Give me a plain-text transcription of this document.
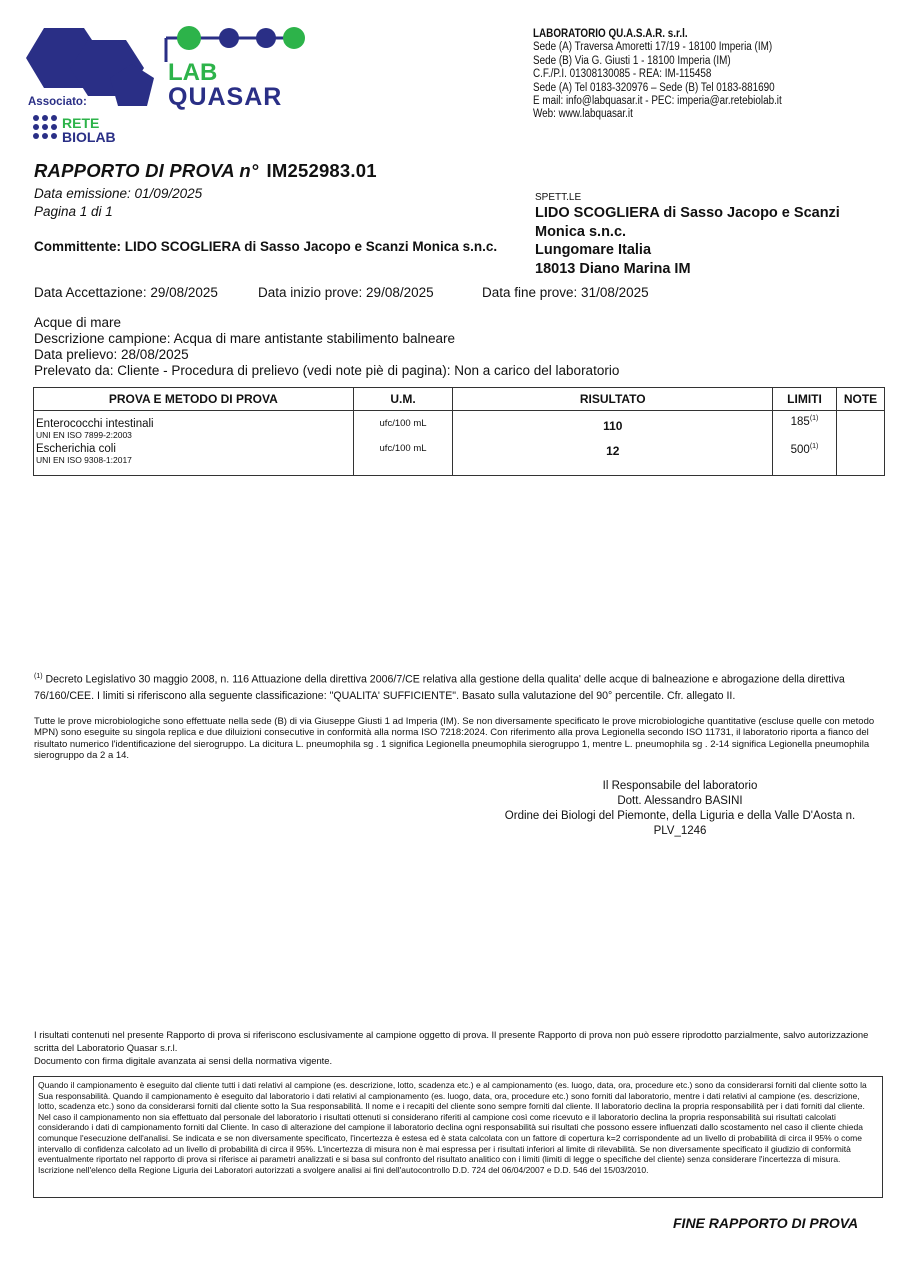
LAB
QUASAR
Associato:
RETE
BIOLAB
LABORATORIO QU.A.S.A.R. s.r.l.
Sede (A) Traversa Amoretti 17/19 - 18100 Imperia (IM)
Sede (B) Via G. Giusti 1 - 18100 Imperia (IM)
C.F./P.I. 01308130085 - REA: IM-115458
Sede (A) Tel 0183-320976 – Sede (B) Tel 0183-881690
E mail: info@labquasar.it - PEC: imperia@ar.retebiolab.it
Web: www.labquasar.it
RAPPORTO DI PROVA n° IM252983.01
Data emissione: 01/09/2025
Pagina 1 di 1
Committente: LIDO SCOGLIERA di Sasso Jacopo e Scanzi Monica s.n.c.
SPETT.LE
LIDO SCOGLIERA di Sasso Jacopo e Scanzi Monica s.n.c.
Lungomare Italia
18013 Diano Marina IM
Data Accettazione: 29/08/2025	Data inizio prove: 29/08/2025	Data fine prove: 31/08/2025
Acque di mare
Descrizione campione: Acqua di mare antistante stabilimento balneare
Data prelievo: 28/08/2025
Prelevato da: Cliente - Procedura di prelievo (vedi note piè di pagina): Non a carico del laboratorio
PROVA E METODO DI PROVA	U.M.	RISULTATO	LIMITI	NOTE

Enterococchi intestinali
UNI EN ISO 7899-2:2003	ufc/100 mL	110	185$^{(1)}$

Escherichia coli
UNI EN ISO 9308-1:2017	ufc/100 mL	12	500$^{(1)}$

$^{(1)}$ Decreto Legislativo 30 maggio 2008, n. 116 Attuazione della direttiva 2006/7/CE relativa alla gestione della qualita' delle acque di balneazione e abrogazione della direttiva 76/160/CEE. I limiti si riferiscono alla seguente classificazione: "QUALITA' SUFFICIENTE". Basato sulla valutazione del 90° percentile. Cfr. allegato II.
Tutte le prove microbiologiche sono effettuate nella sede (B) di via Giuseppe Giusti 1 ad Imperia (IM). Se non diversamente specificato le prove microbiologiche quantitative (escluse quelle con metodo MPN) sono eseguite su singola replica e due diluizioni consecutive in conformità alla norma ISO 7218:2024. Con riferimento alla prova Legionella secondo ISO 11731, il laboratorio riporta a fianco del risultato numerico l'identificazione del sierogruppo. La dicitura L. pneumophila sg . 1 significa Legionella pneumophila sierogruppo 1, mentre L. pneumophila sg . 2-14 significa Legionella pneumophila sierogruppo da 2 a 14.
Il Responsabile del laboratorio
Dott. Alessandro BASINI
Ordine dei Biologi del Piemonte, della Liguria e della Valle D'Aosta n. PLV_1246
I risultati contenuti nel presente Rapporto di prova si riferiscono esclusivamente al campione oggetto di prova. Il presente Rapporto di prova non può essere riprodotto parzialmente, salvo autorizzazione scritta del Laboratorio Quasar s.r.l.
Documento con firma digitale avanzata ai sensi della normativa vigente.
Quando il campionamento è eseguito dal cliente tutti i dati relativi al campione (es. descrizione, lotto, scadenza etc.) e al campionamento (es. luogo, data, ora, procedure etc.) sono da considerarsi forniti dal cliente sotto la Sua responsabilità. Quando il campionamento è eseguito dal laboratorio i dati relativi al campionamento (es. luogo, data, ora, procedure etc.) sono forniti dal laboratorio, mentre i dati relativi al campione (es. descrizione, lotto, scadenza etc.) sono da considerarsi forniti dal cliente sotto la Sua responsabilità. Il nome e i recapiti del cliente sono sempre forniti dal cliente. Il laboratorio declina la propria responsabilità per i dati forniti dal cliente. Nel caso il campionamento non sia effettuato dal personale del laboratorio i risultati ottenuti si considerano riferiti al campione così come ricevuto e il laboratorio declina la propria responsabilità sui risultati calcolati considerando i dati di campionamento forniti dal Cliente. In caso di alterazione del campione il laboratorio declina ogni responsabilità sui risultati che possono essere influenzati dallo scostamento nel caso il cliente chieda comunque l'esecuzione dell'analisi. Se indicata e se non diversamente specificato, l'incertezza è estesa ed è stata calcolata con un fattore di copertura k=2 corrispondente ad un livello di probabilità di circa il 95% o come intervallo di confidenza calcolato ad un livello di probabilità di circa il 95%. L'incertezza di misura non è mai espressa per i risultati inferiori al limite di rilevabilità. Se non diversamente specificato il giudizio di conformità eventualmente riportato nel rapporto di prova si riferisce ai parametri analizzati e si basa sul confronto del risultato analitico con i limiti (limiti di legge o specifiche del cliente) senza considerare l'incertezza di misura. Iscrizione nell'elenco della Regione Liguria dei Laboratori autorizzati a svolgere analisi ai fini dell'autocontrollo D.D. 724 del 06/04/2007 e D.D. 546 del 15/03/2010.
FINE RAPPORTO DI PROVA
